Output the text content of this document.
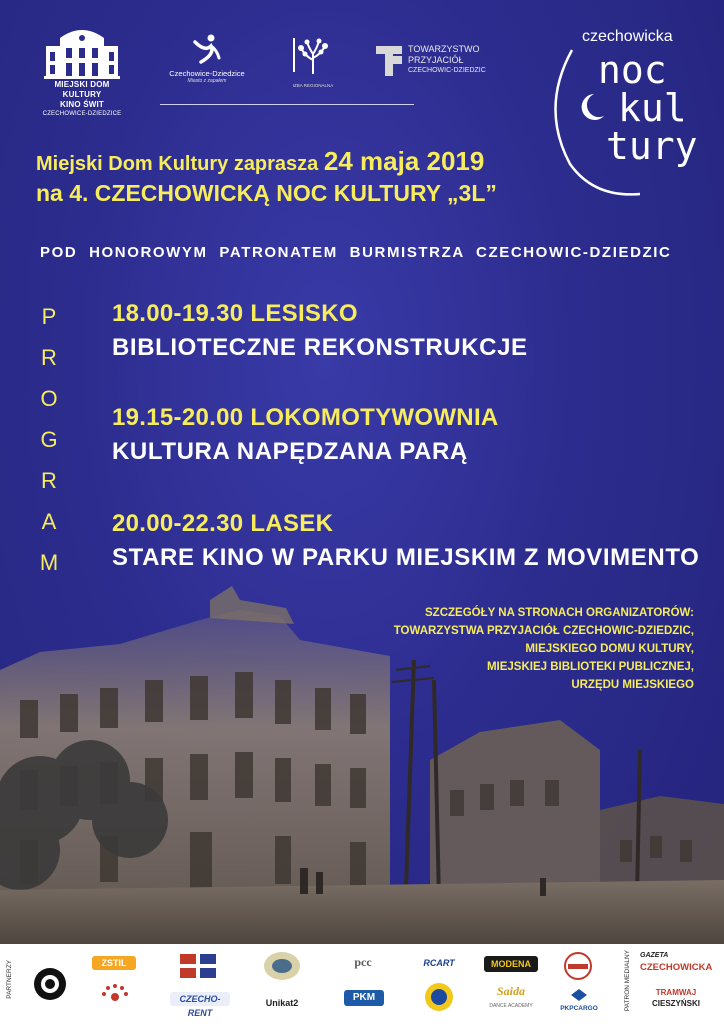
MIEJSKI DOM KULTURY
KINO ŚWIT
CZECHOWICE-DZIEDZICE
Czechowice-Dziedzice
Miasto z zapałem
IZBA REGIONALNA
TOWARZYSTWO
PRZYJACIÓŁ
CZECHOWIC-DZIEDZIC
czechowicka
noc
kul
tury
Miejski Dom Kultury zaprasza 24 maja 2019
na 4. CZECHOWICKĄ NOC KULTURY „3L”
POD HONOROWYM PATRONATEM BURMISTRZA CZECHOWIC-DZIEDZIC
P
R
O
G
R
A
M
18.00-19.30 LESISKO
BIBLIOTECZNE REKONSTRUKCJE
19.15-20.00 LOKOMOTYWOWNIA
KULTURA NAPĘDZANA PARĄ
20.00-22.30 LASEK
STARE KINO W PARKU MIEJSKIM Z MOVIMENTO
SZCZEGÓŁY NA STRONACH ORGANIZATORÓW:
TOWARZYSTWA PRZYJACIÓŁ CZECHOWIC-DZIEDZIC,
MIEJSKIEGO DOMU KULTURY,
MIEJSKIEJ BIBLIOTEKI PUBLICZNEJ,
URZĘDU MIEJSKIEGO
PARTNERZY	PATRON MEDIALNY
ZSTIL
CZECHO-RENT
Unikat2
pcc
PKM
RCART	MODENA
Saida
DANCE ACADEMY	PKPCARGO
GAZETA
CZECHOWICKA
TRAMWAJ
CIESZYŃSKI
